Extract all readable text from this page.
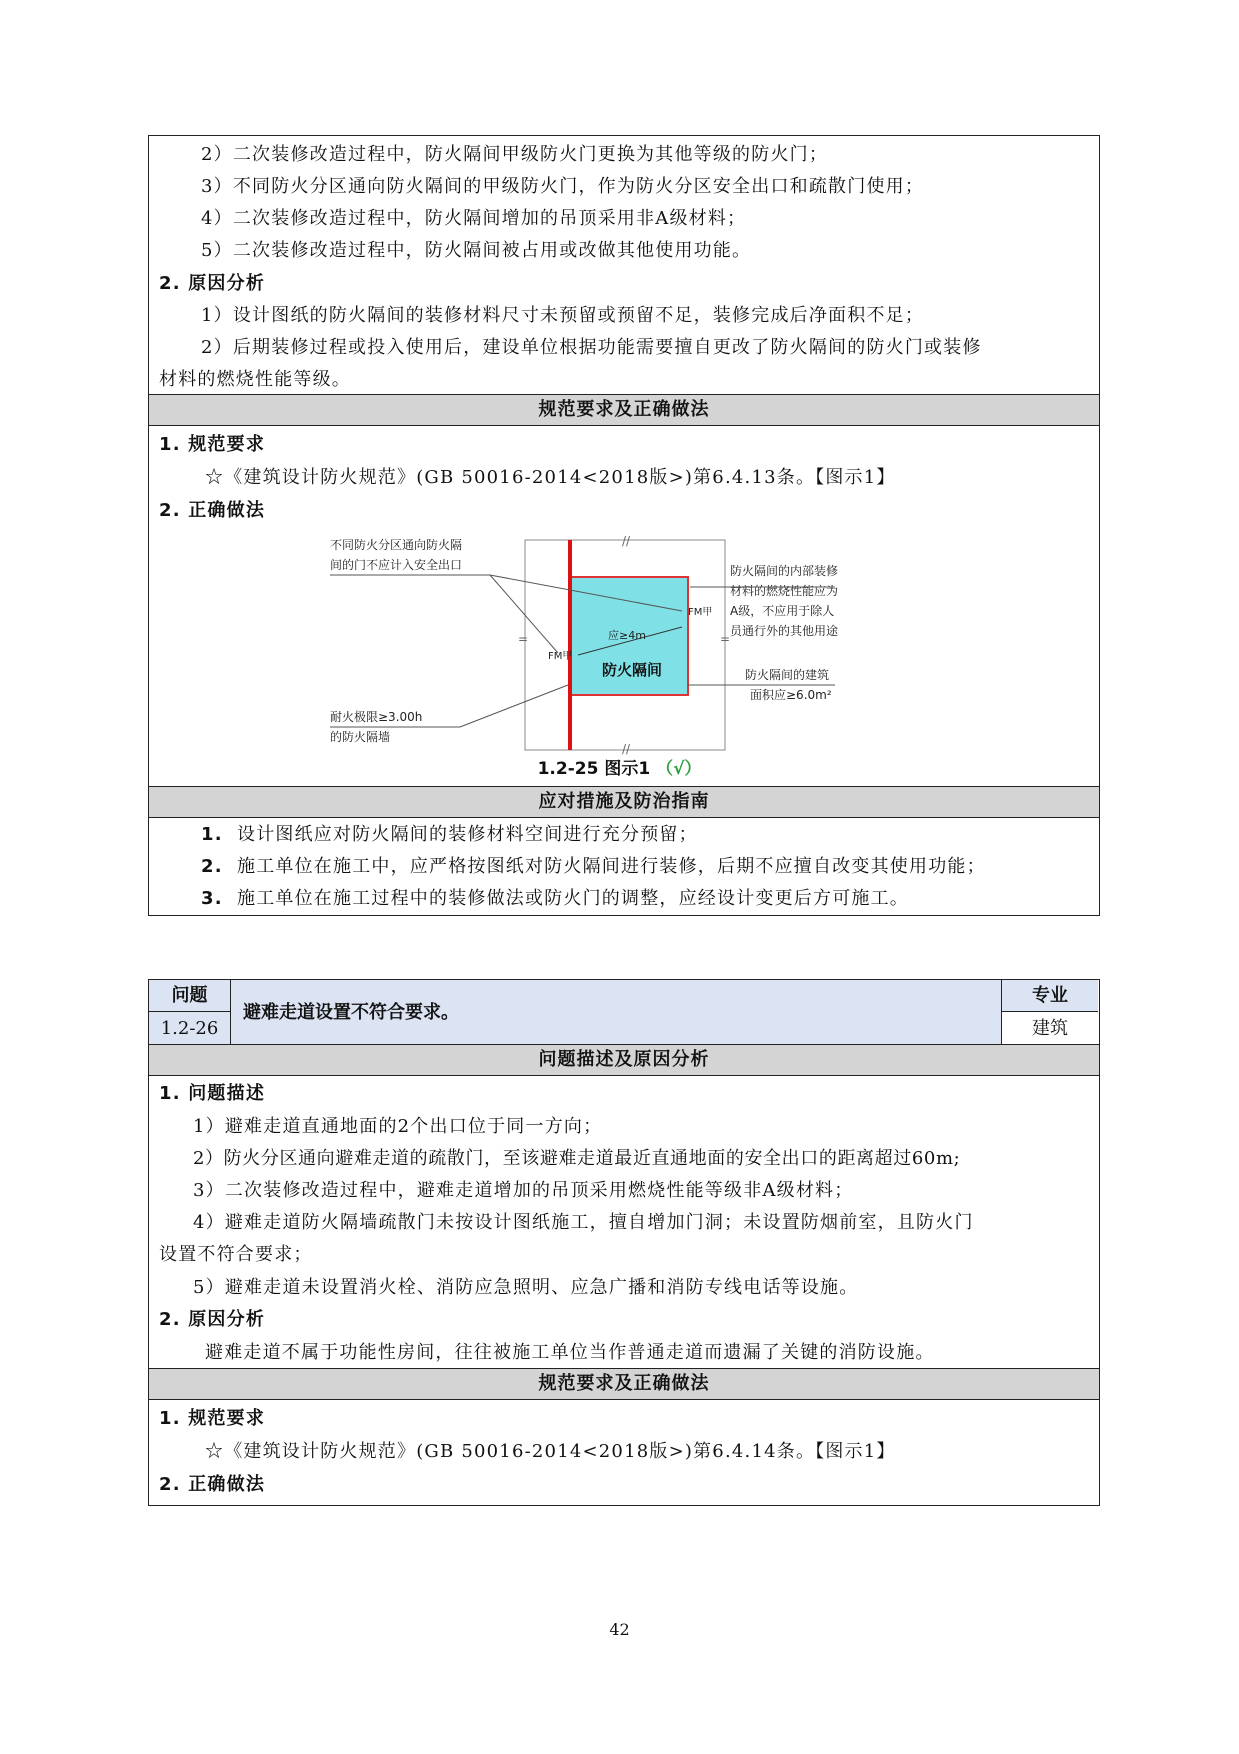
2）二次装修改造过程中，防火隔间甲级防火门更换为其他等级的防火门；
3）不同防火分区通向防火隔间的甲级防火门，作为防火分区安全出口和疏散门使用；
4）二次装修改造过程中，防火隔间增加的吊顶采用非A级材料；
5）二次装修改造过程中，防火隔间被占用或改做其他使用功能。
2. 原因分析
1）设计图纸的防火隔间的装修材料尺寸未预留或预留不足，装修完成后净面积不足；
2）后期装修过程或投入使用后，建设单位根据功能需要擅自更改了防火隔间的防火门或装修
材料的燃烧性能等级。
规范要求及正确做法
1. 规范要求
☆《建筑设计防火规范》(GB 50016-2014<2018版>)第6.4.13条。【图示1】
2. 正确做法
应对措施及防治指南
1. 设计图纸应对防火隔间的装修材料空间进行充分预留；
2. 施工单位在施工中，应严格按图纸对防火隔间进行装修，后期不应擅自改变其使用功能；
3. 施工单位在施工过程中的装修做法或防火门的调整，应经设计变更后方可施工。
//
//
=	=
应≥4m
防火隔间
FM甲
FM甲
不同防火分区通向防火隔
间的门不应计入安全出口
耐火极限≥3.00h
的防火隔墙
防火隔间的内部装修
材料的燃烧性能应为
A级，不应用于除人
员通行外的其他用途
防火隔间的建筑
面积应≥6.0m²
1.2-25 图示1 （√）
问题
1.2-26
避难走道设置不符合要求。
专业
建筑
问题描述及原因分析
1. 问题描述
1）避难走道直通地面的2个出口位于同一方向；
2）防火分区通向避难走道的疏散门，至该避难走道最近直通地面的安全出口的距离超过60m;
3）二次装修改造过程中，避难走道增加的吊顶采用燃烧性能等级非A级材料；
4）避难走道防火隔墙疏散门未按设计图纸施工，擅自增加门洞；未设置防烟前室，且防火门
设置不符合要求；
5）避难走道未设置消火栓、消防应急照明、应急广播和消防专线电话等设施。
2. 原因分析
避难走道不属于功能性房间，往往被施工单位当作普通走道而遗漏了关键的消防设施。
规范要求及正确做法
1. 规范要求
☆《建筑设计防火规范》(GB 50016-2014<2018版>)第6.4.14条。【图示1】
2. 正确做法
42
